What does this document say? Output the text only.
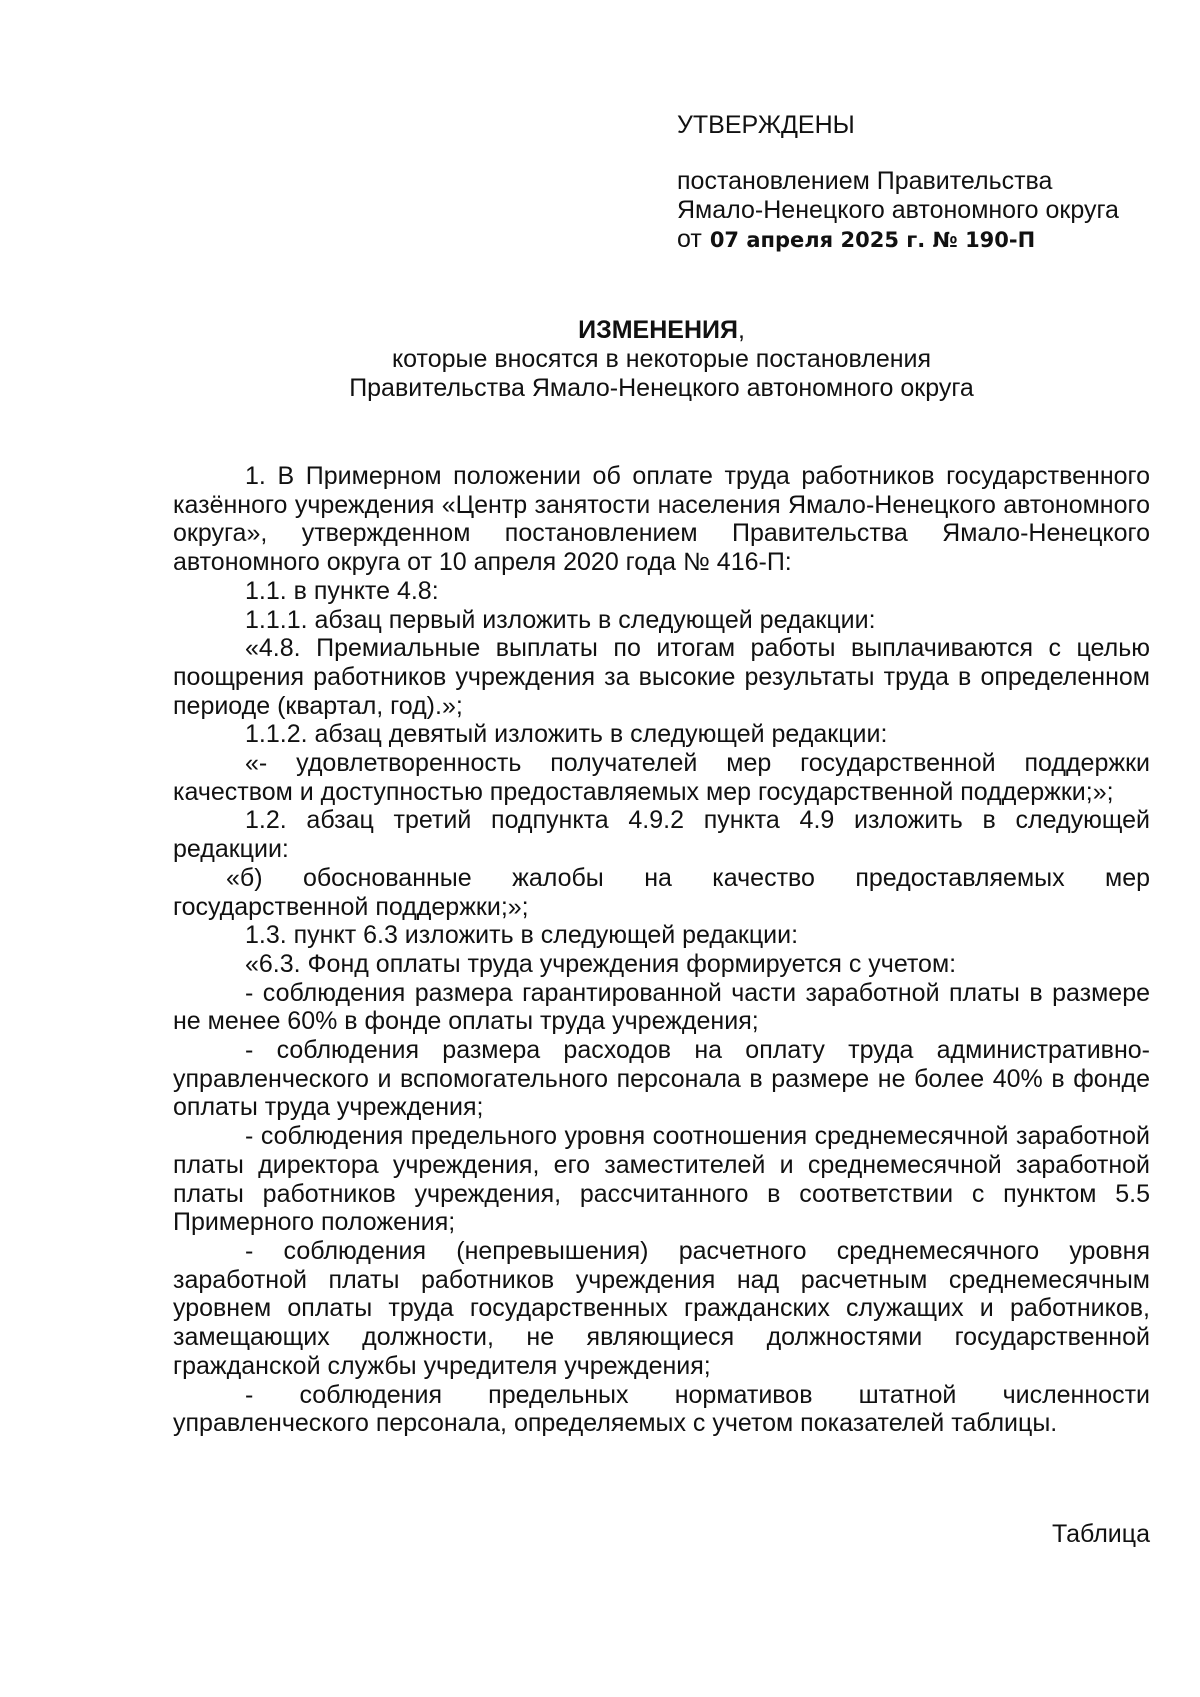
УТВЕРЖДЕНЫ

постановлением Правительства

Ямало-Ненецкого автономного округа

от 07 апреля 2025 г. № 190-П

ИЗМЕНЕНИЯ,

которые вносятся в некоторые постановления

Правительства Ямало-Ненецкого автономного округа

1. В Примерном положении об оплате труда работников государственного казённого учреждения «Центр занятости населения Ямало-Ненецкого автономного округа», утвержденном постановлением Правительства Ямало-Ненецкого автономного округа от 10 апреля 2020 года № 416-П:

1.1. в пункте 4.8:

1.1.1. абзац первый изложить в следующей редакции:

«4.8. Премиальные выплаты по итогам работы выплачиваются с целью поощрения работников учреждения за высокие результаты труда в определенном периоде (квартал, год).»;

1.1.2. абзац девятый изложить в следующей редакции:

«- удовлетворенность получателей мер государственной поддержки качеством и доступностью предоставляемых мер государственной поддержки;»;

1.2. абзац третий подпункта 4.9.2 пункта 4.9 изложить в следующей редакции:

«б) обоснованные жалобы на качество предоставляемых мер государственной поддержки;»;

1.3. пункт 6.3 изложить в следующей редакции:

«6.3. Фонд оплаты труда учреждения формируется с учетом:

- соблюдения размера гарантированной части заработной платы в размере не менее 60% в фонде оплаты труда учреждения;

- соблюдения размера расходов на оплату труда административно-управленческого и вспомогательного персонала в размере не более 40% в фонде оплаты труда учреждения;

- соблюдения предельного уровня соотношения среднемесячной заработной платы директора учреждения, его заместителей и среднемесячной заработной платы работников учреждения, рассчитанного в соответствии с пунктом 5.5 Примерного положения;

- соблюдения (непревышения) расчетного среднемесячного уровня заработной платы работников учреждения над расчетным среднемесячным уровнем оплаты труда государственных гражданских служащих и работников, замещающих должности, не являющиеся должностями государственной гражданской службы учредителя учреждения;

- соблюдения предельных нормативов штатной численности управленческого персонала, определяемых с учетом показателей таблицы.

Таблица
